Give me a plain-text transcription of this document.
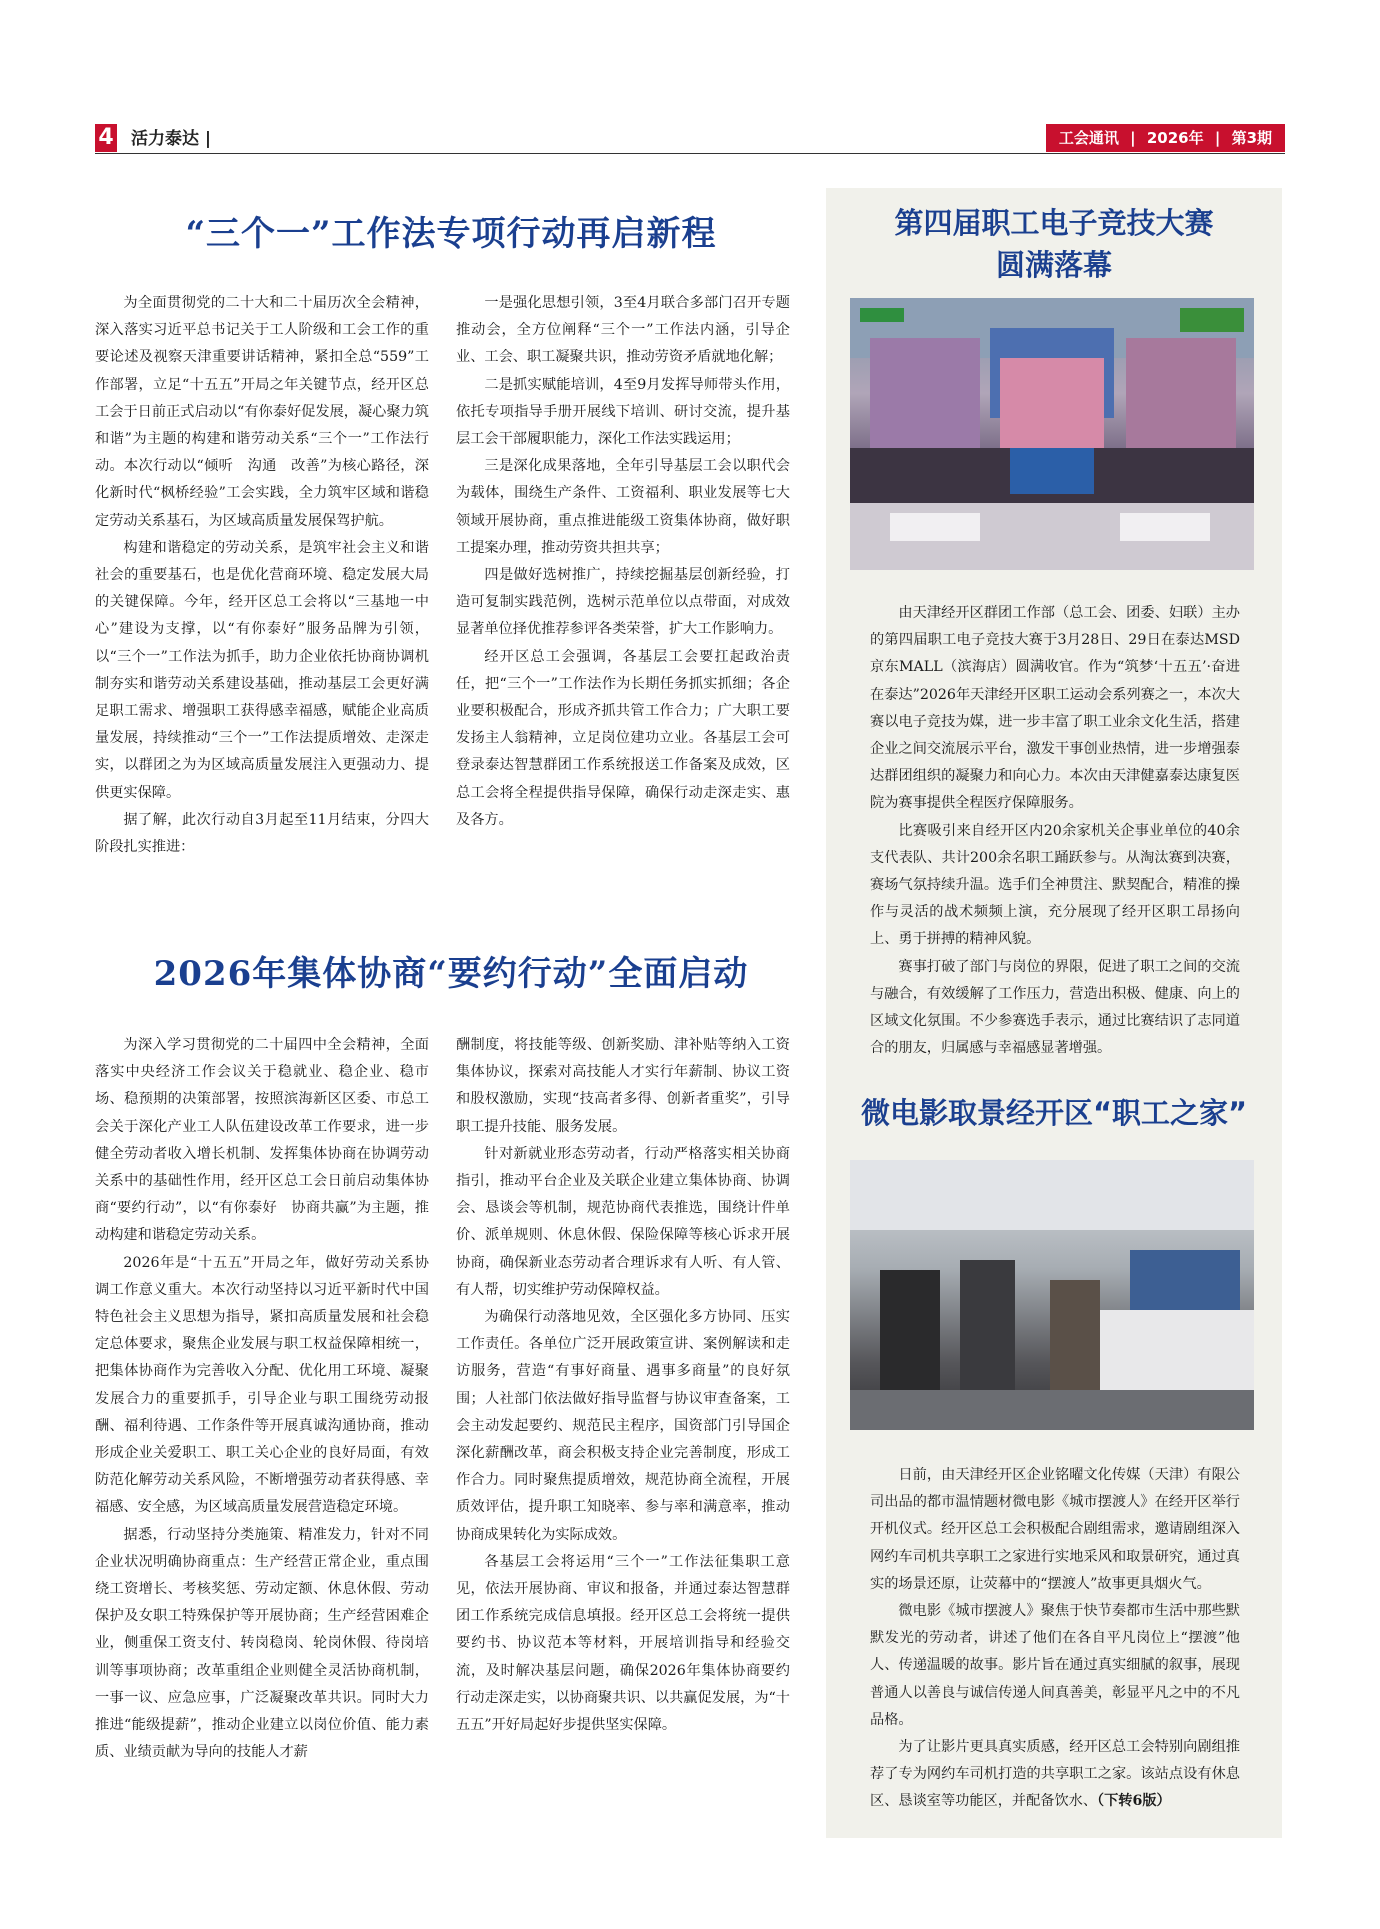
4 活力泰达 |	工会通讯 | 2026年 | 第3期
“三个一”工作法专项行动再启新程

为全面贯彻党的二十大和二十届历次全会精神，深入落实习近平总书记关于工人阶级和工会工作的重要论述及视察天津重要讲话精神，紧扣全总“559”工作部署，立足“十五五”开局之年关键节点，经开区总工会于日前正式启动以“有你泰好促发展，凝心聚力筑和谐”为主题的构建和谐劳动关系“三个一”工作法行动。本次行动以“倾听　沟通　改善”为核心路径，深化新时代“枫桥经验”工会实践，全力筑牢区域和谐稳定劳动关系基石，为区域高质量发展保驾护航。

构建和谐稳定的劳动关系，是筑牢社会主义和谐社会的重要基石，也是优化营商环境、稳定发展大局的关键保障。今年，经开区总工会将以“三基地一中心”建设为支撑，以“有你泰好”服务品牌为引领，以“三个一”工作法为抓手，助力企业依托协商协调机制夯实和谐劳动关系建设基础，推动基层工会更好满足职工需求、增强职工获得感幸福感，赋能企业高质量发展，持续推动“三个一”工作法提质增效、走深走实，以群团之为为区域高质量发展注入更强动力、提供更实保障。

据了解，此次行动自3月起至11月结束，分四大阶段扎实推进：

一是强化思想引领，3至4月联合多部门召开专题推动会，全方位阐释“三个一”工作法内涵，引导企业、工会、职工凝聚共识，推动劳资矛盾就地化解；

二是抓实赋能培训，4至9月发挥导师带头作用，依托专项指导手册开展线下培训、研讨交流，提升基层工会干部履职能力，深化工作法实践运用；

三是深化成果落地，全年引导基层工会以职代会为载体，围绕生产条件、工资福利、职业发展等七大领域开展协商，重点推进能级工资集体协商，做好职工提案办理，推动劳资共担共享；

四是做好选树推广，持续挖掘基层创新经验，打造可复制实践范例，选树示范单位以点带面，对成效显著单位择优推荐参评各类荣誉，扩大工作影响力。

经开区总工会强调，各基层工会要扛起政治责任，把“三个一”工作法作为长期任务抓实抓细；各企业要积极配合，形成齐抓共管工作合力；广大职工要发扬主人翁精神，立足岗位建功立业。各基层工会可登录泰达智慧群团工作系统报送工作备案及成效，区总工会将全程提供指导保障，确保行动走深走实、惠及各方。

2026年集体协商“要约行动”全面启动

为深入学习贯彻党的二十届四中全会精神，全面落实中央经济工作会议关于稳就业、稳企业、稳市场、稳预期的决策部署，按照滨海新区区委、市总工会关于深化产业工人队伍建设改革工作要求，进一步健全劳动者收入增长机制、发挥集体协商在协调劳动关系中的基础性作用，经开区总工会日前启动集体协商“要约行动”，以“有你泰好　协商共赢”为主题，推动构建和谐稳定劳动关系。

2026年是“十五五”开局之年，做好劳动关系协调工作意义重大。本次行动坚持以习近平新时代中国特色社会主义思想为指导，紧扣高质量发展和社会稳定总体要求，聚焦企业发展与职工权益保障相统一，把集体协商作为完善收入分配、优化用工环境、凝聚发展合力的重要抓手，引导企业与职工围绕劳动报酬、福利待遇、工作条件等开展真诚沟通协商，推动形成企业关爱职工、职工关心企业的良好局面，有效防范化解劳动关系风险，不断增强劳动者获得感、幸福感、安全感，为区域高质量发展营造稳定环境。

据悉，行动坚持分类施策、精准发力，针对不同企业状况明确协商重点：生产经营正常企业，重点围绕工资增长、考核奖惩、劳动定额、休息休假、劳动保护及女职工特殊保护等开展协商；生产经营困难企业，侧重保工资支付、转岗稳岗、轮岗休假、待岗培训等事项协商；改革重组企业则健全灵活协商机制，一事一议、应急应事，广泛凝聚改革共识。同时大力推进“能级提薪”，推动企业建立以岗位价值、能力素质、业绩贡献为导向的技能人才薪

酬制度，将技能等级、创新奖励、津补贴等纳入工资集体协议，探索对高技能人才实行年薪制、协议工资和股权激励，实现“技高者多得、创新者重奖”，引导职工提升技能、服务发展。

针对新就业形态劳动者，行动严格落实相关协商指引，推动平台企业及关联企业建立集体协商、协调会、恳谈会等机制，规范协商代表推选，围绕计件单价、派单规则、休息休假、保险保障等核心诉求开展协商，确保新业态劳动者合理诉求有人听、有人管、有人帮，切实维护劳动保障权益。

为确保行动落地见效，全区强化多方协同、压实工作责任。各单位广泛开展政策宣讲、案例解读和走访服务，营造“有事好商量、遇事多商量”的良好氛围；人社部门依法做好指导监督与协议审查备案，工会主动发起要约、规范民主程序，国资部门引导国企深化薪酬改革，商会积极支持企业完善制度，形成工作合力。同时聚焦提质增效，规范协商全流程，开展质效评估，提升职工知晓率、参与率和满意率，推动协商成果转化为实际成效。

各基层工会将运用“三个一”工作法征集职工意见，依法开展协商、审议和报备，并通过泰达智慧群团工作系统完成信息填报。经开区总工会将统一提供要约书、协议范本等材料，开展培训指导和经验交流，及时解决基层问题，确保2026年集体协商要约行动走深走实，以协商聚共识、以共赢促发展，为“十五五”开好局起好步提供坚实保障。

第四届职工电子竞技大赛
圆满落幕

由天津经开区群团工作部（总工会、团委、妇联）主办的第四届职工电子竞技大赛于3月28日、29日在泰达MSD京东MALL（滨海店）圆满收官。作为“筑梦‘十五五’·奋进在泰达”2026年天津经开区职工运动会系列赛之一，本次大赛以电子竞技为媒，进一步丰富了职工业余文化生活，搭建企业之间交流展示平台，激发干事创业热情，进一步增强泰达群团组织的凝聚力和向心力。本次由天津健嘉泰达康复医院为赛事提供全程医疗保障服务。

比赛吸引来自经开区内20余家机关企事业单位的40余支代表队、共计200余名职工踊跃参与。从淘汰赛到决赛，赛场气氛持续升温。选手们全神贯注、默契配合，精准的操作与灵活的战术频频上演，充分展现了经开区职工昂扬向上、勇于拼搏的精神风貌。

赛事打破了部门与岗位的界限，促进了职工之间的交流与融合，有效缓解了工作压力，营造出积极、健康、向上的区域文化氛围。不少参赛选手表示，通过比赛结识了志同道合的朋友，归属感与幸福感显著增强。

微电影取景经开区“职工之家”

日前，由天津经开区企业铭曜文化传媒（天津）有限公司出品的都市温情题材微电影《城市摆渡人》在经开区举行开机仪式。经开区总工会积极配合剧组需求，邀请剧组深入网约车司机共享职工之家进行实地采风和取景研究，通过真实的场景还原，让荧幕中的“摆渡人”故事更具烟火气。

微电影《城市摆渡人》聚焦于快节奏都市生活中那些默默发光的劳动者，讲述了他们在各自平凡岗位上“摆渡”他人、传递温暖的故事。影片旨在通过真实细腻的叙事，展现普通人以善良与诚信传递人间真善美，彰显平凡之中的不凡品格。

为了让影片更具真实质感，经开区总工会特别向剧组推荐了专为网约车司机打造的共享职工之家。该站点设有休息区、恳谈室等功能区，并配备饮水、（下转6版）
